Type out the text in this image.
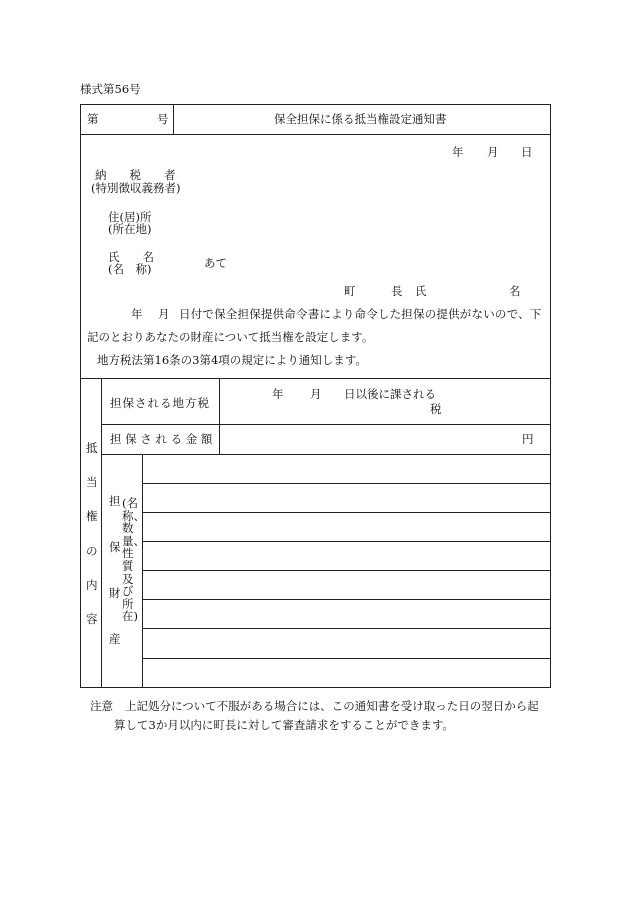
様式第56号
第	号	保全担保に係る抵当権設定通知書
年 月 日
納　　税　　者
(特別徴収義務者)
住(居)所
(所在地)
氏　　名
(名　称)	あて
町	長 氏	名
年 月 日付で保全担保提供命令書により命令した担保の提供がないので、下
記のとおりあなたの財産について抵当権を設定します。
地方税法第16条の3第4項の規定により通知します。
抵
当
権
の
内
容
担保される地方税
年 月 日以後に課される
税
担 保 さ れ る 金 額	円
担
保
財
産
(名称、数量、性質及び所在)
注意 上記処分について不服がある場合には、この通知書を受け取った日の翌日から起
算して3か月以内に町長に対して審査請求をすることができます。
